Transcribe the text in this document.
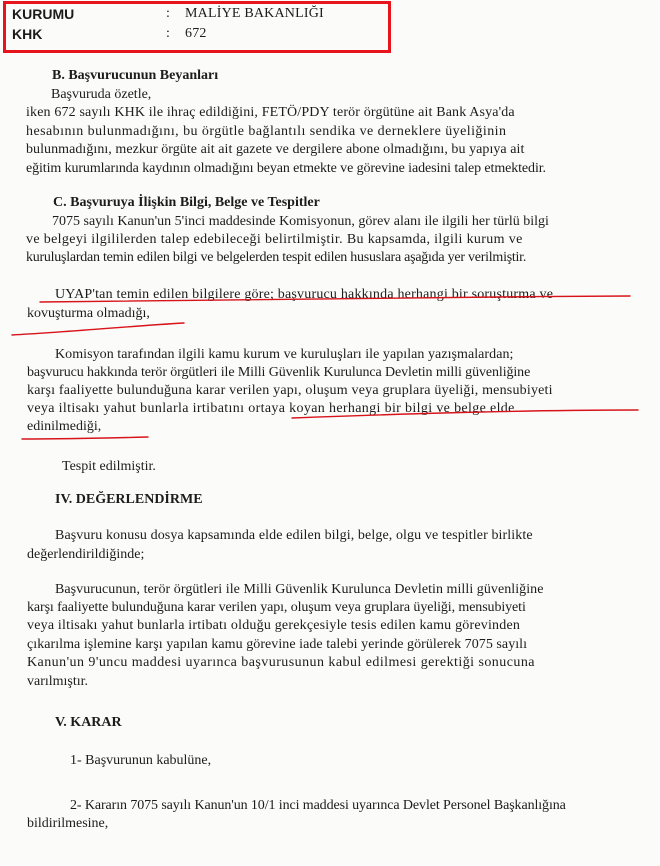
KURUMU	: MALİYE BAKANLIĞI
KHK	: 672
B. Başvurucunun Beyanları
Başvuruda özetle,
iken 672 sayılı KHK ile ihraç edildiğini, FETÖ/PDY terör örgütüne ait Bank Asya'da
hesabının bulunmadığını, bu örgütle bağlantılı sendika ve derneklere üyeliğinin
bulunmadığını, mezkur örgüte ait ait gazete ve dergilere abone olmadığını, bu yapıya ait
eğitim kurumlarında kaydının olmadığını beyan etmekte ve görevine iadesini talep etmektedir.
C. Başvuruya İlişkin Bilgi, Belge ve Tespitler
7075 sayılı Kanun'un 5'inci maddesinde Komisyonun, görev alanı ile ilgili her türlü bilgi
ve belgeyi ilgililerden talep edebileceği belirtilmiştir. Bu kapsamda, ilgili kurum ve
kuruluşlardan temin edilen bilgi ve belgelerden tespit edilen hususlara aşağıda yer verilmiştir.
UYAP'tan temin edilen bilgilere göre; başvurucu hakkında herhangi bir soruşturma ve
kovuşturma olmadığı,
Komisyon tarafından ilgili kamu kurum ve kuruluşları ile yapılan yazışmalardan;
başvurucu hakkında terör örgütleri ile Milli Güvenlik Kurulunca Devletin milli güvenliğine
karşı faaliyette bulunduğuna karar verilen yapı, oluşum veya gruplara üyeliği, mensubiyeti
veya iltisakı yahut bunlarla irtibatını ortaya koyan herhangi bir bilgi ve belge elde
edinilmediği,
Tespit edilmiştir.
IV. DEĞERLENDİRME
Başvuru konusu dosya kapsamında elde edilen bilgi, belge, olgu ve tespitler birlikte
değerlendirildiğinde;
Başvurucunun, terör örgütleri ile Milli Güvenlik Kurulunca Devletin milli güvenliğine
karşı faaliyette bulunduğuna karar verilen yapı, oluşum veya gruplara üyeliği, mensubiyeti
veya iltisakı yahut bunlarla irtibatı olduğu gerekçesiyle tesis edilen kamu görevinden
çıkarılma işlemine karşı yapılan kamu görevine iade talebi yerinde görülerek 7075 sayılı
Kanun'un 9'uncu maddesi uyarınca başvurusunun kabul edilmesi gerektiği sonucuna
varılmıştır.
V. KARAR
1- Başvurunun kabulüne,
2- Kararın 7075 sayılı Kanun'un 10/1 inci maddesi uyarınca Devlet Personel Başkanlığına
bildirilmesine,
